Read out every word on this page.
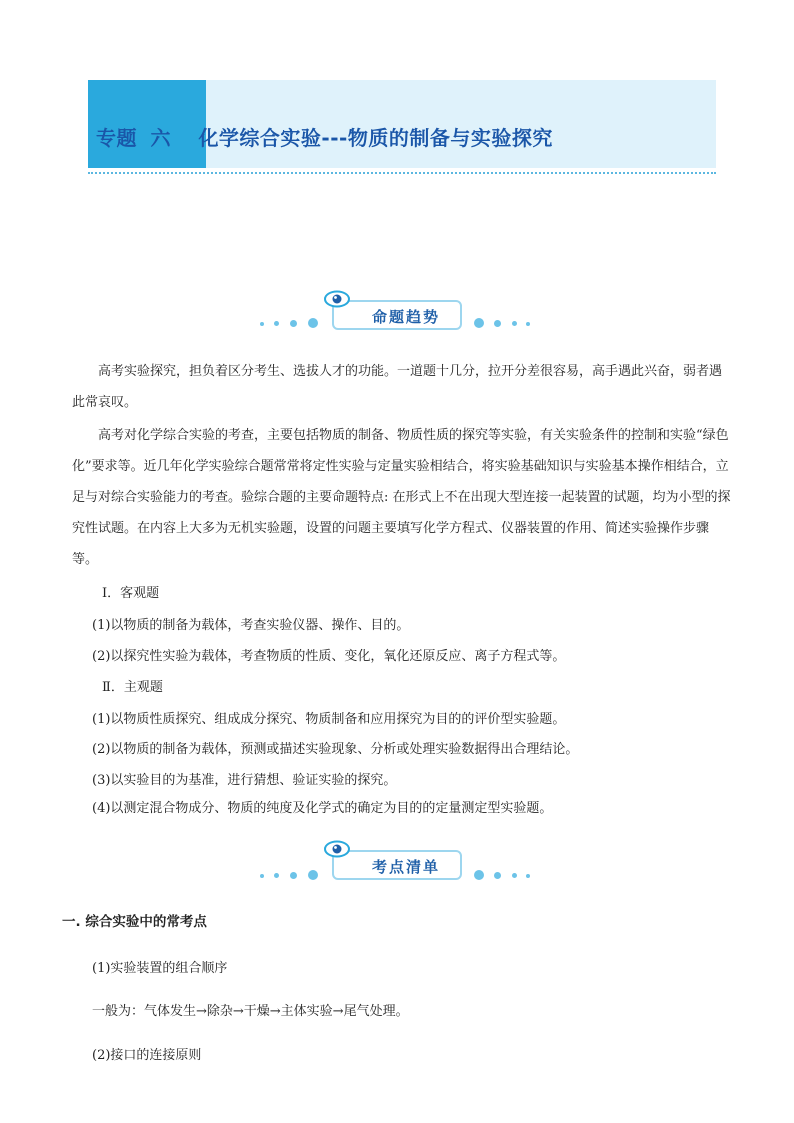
专题 六 化学综合实验---物质的制备与实验探究
命题趋势
高考实验探究，担负着区分考生、选拔人才的功能。一道题十几分，拉开分差很容易，高手遇此兴奋，弱者遇此常哀叹。
高考对化学综合实验的考查，主要包括物质的制备、物质性质的探究等实验，有关实验条件的控制和实验“绿色化”要求等。近几年化学实验综合题常常将定性实验与定量实验相结合，将实验基础知识与实验基本操作相结合，立足与对综合实验能力的考查。验综合题的主要命题特点: 在形式上不在出现大型连接一起装置的试题，均为小型的探究性试题。在内容上大多为无机实验题，设置的问题主要填写化学方程式、仪器装置的作用、简述实验操作步骤等。
Ⅰ．客观题
(1)以物质的制备为载体，考查实验仪器、操作、目的。
(2)以探究性实验为载体，考查物质的性质、变化，氧化还原反应、离子方程式等。
Ⅱ．主观题
(1)以物质性质探究、组成成分探究、物质制备和应用探究为目的的评价型实验题。
(2)以物质的制备为载体，预测或描述实验现象、分析或处理实验数据得出合理结论。
(3)以实验目的为基准，进行猜想、验证实验的探究。
(4)以测定混合物成分、物质的纯度及化学式的确定为目的的定量测定型实验题。
考点清单
一. 综合实验中的常考点
(1)实验装置的组合顺序
一般为：气体发生→除杂→干燥→主体实验→尾气处理。
(2)接口的连接原则
